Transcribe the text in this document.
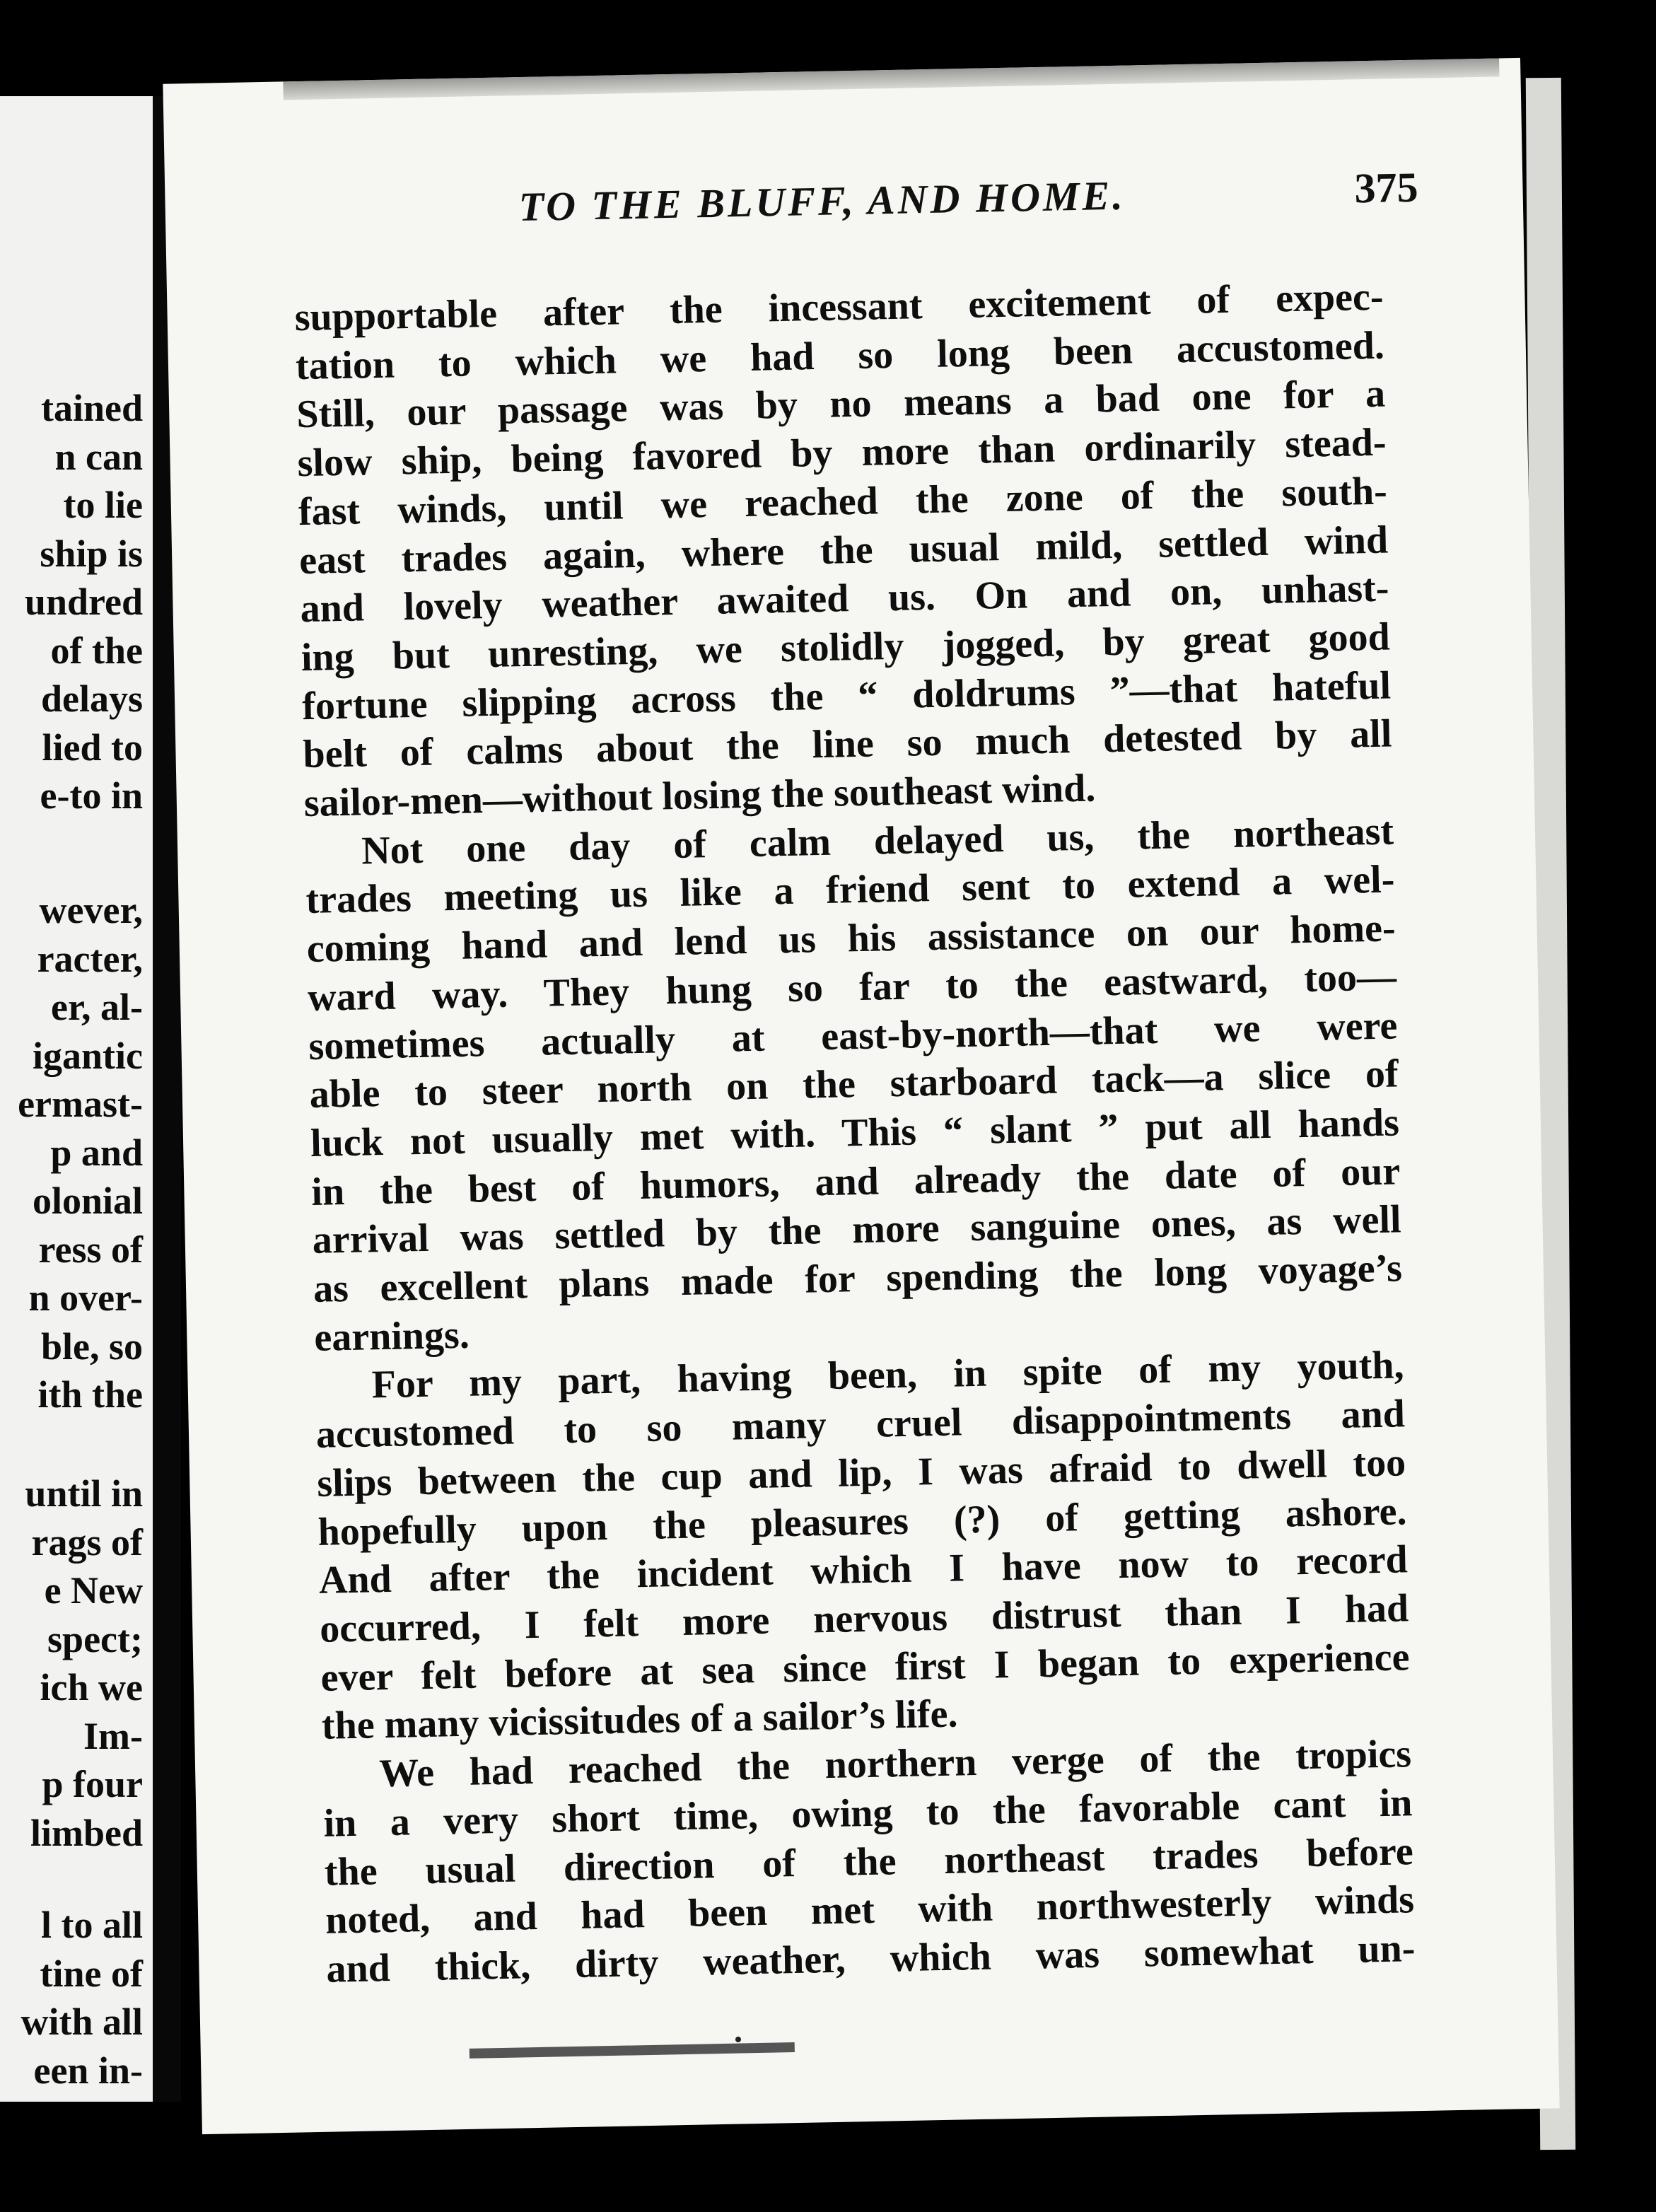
tained
n can
to lie
ship is
undred
of the
delays
lied to
e-to in
wever,
racter,
er, al-
igantic
ermast-
p and
olonial
ress of
n over-
ble, so
ith the
until in
rags of
e New
spect;
ich we
Im-
p four
limbed
l to all
tine of
with all
een in-
TO THE BLUFF, AND HOME.	375
supportable after the incessant excitement of expec-
tation to which we had so long been accustomed.
Still, our passage was by no means a bad one for a
slow ship, being favored by more than ordinarily stead-
fast winds, until we reached the zone of the south-
east trades again, where the usual mild, settled wind
and lovely weather awaited us. On and on, unhast-
ing but unresting, we stolidly jogged, by great good
fortune slipping across the “ doldrums ”—that hateful
belt of calms about the line so much detested by all
sailor-men—without losing the southeast wind.
Not one day of calm delayed us, the northeast
trades meeting us like a friend sent to extend a wel-
coming hand and lend us his assistance on our home-
ward way. They hung so far to the eastward, too—
sometimes actually at east-by-north—that we were
able to steer north on the starboard tack—a slice of
luck not usually met with. This “ slant ” put all hands
in the best of humors, and already the date of our
arrival was settled by the more sanguine ones, as well
as excellent plans made for spending the long voyage’s
earnings.
For my part, having been, in spite of my youth,
accustomed to so many cruel disappointments and
slips between the cup and lip, I was afraid to dwell too
hopefully upon the pleasures (?) of getting ashore.
And after the incident which I have now to record
occurred, I felt more nervous distrust than I had
ever felt before at sea since first I began to experience
the many vicissitudes of a sailor’s life.
We had reached the northern verge of the tropics
in a very short time, owing to the favorable cant in
the usual direction of the northeast trades before
noted, and had been met with northwesterly winds
and thick, dirty weather, which was somewhat un-
